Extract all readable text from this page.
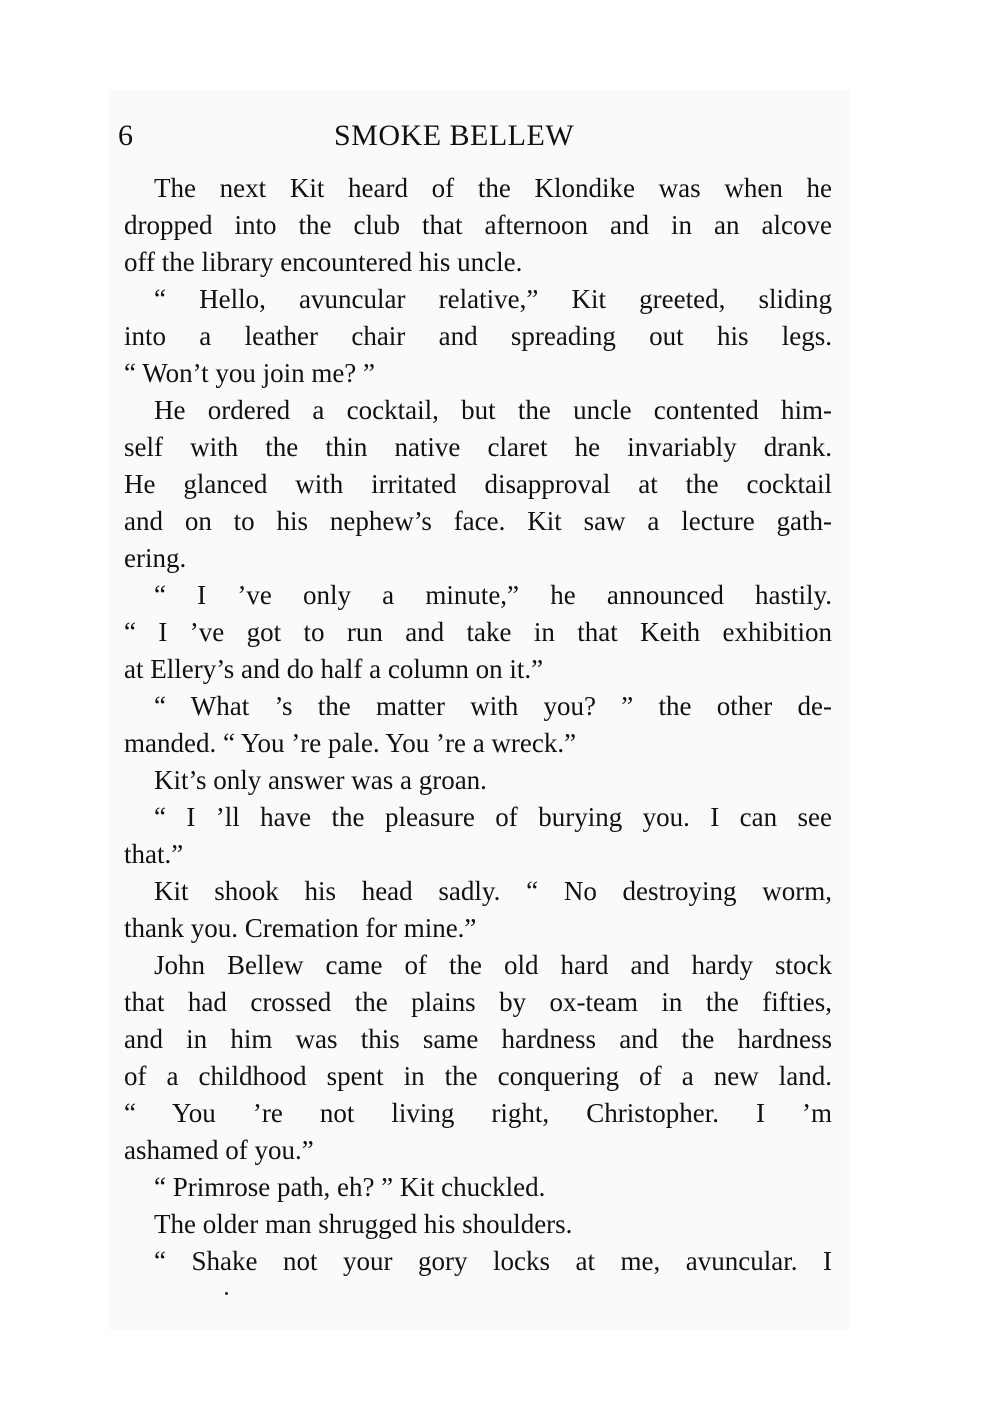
6	SMOKE BELLEW
The next Kit heard of the Klondike was when he
dropped into the club that afternoon and in an alcove
off the library encountered his uncle.
“ Hello, avuncular relative,” Kit greeted, sliding
into a leather chair and spreading out his legs.
“ Won’t you join me? ”
He ordered a cocktail, but the uncle contented him-
self with the thin native claret he invariably drank.
He glanced with irritated disapproval at the cocktail
and on to his nephew’s face. Kit saw a lecture gath-
ering.
“ I ’ve only a minute,” he announced hastily.
“ I ’ve got to run and take in that Keith exhibition
at Ellery’s and do half a column on it.”
“ What ’s the matter with you? ” the other de-
manded. “ You ’re pale. You ’re a wreck.”
Kit’s only answer was a groan.
“ I ’ll have the pleasure of burying you. I can see
that.”
Kit shook his head sadly. “ No destroying worm,
thank you. Cremation for mine.”
John Bellew came of the old hard and hardy stock
that had crossed the plains by ox-team in the fifties,
and in him was this same hardness and the hardness
of a childhood spent in the conquering of a new land.
“ You ’re not living right, Christopher. I ’m
ashamed of you.”
“ Primrose path, eh? ” Kit chuckled.
The older man shrugged his shoulders.
“ Shake not your gory locks at me, avuncular. I
